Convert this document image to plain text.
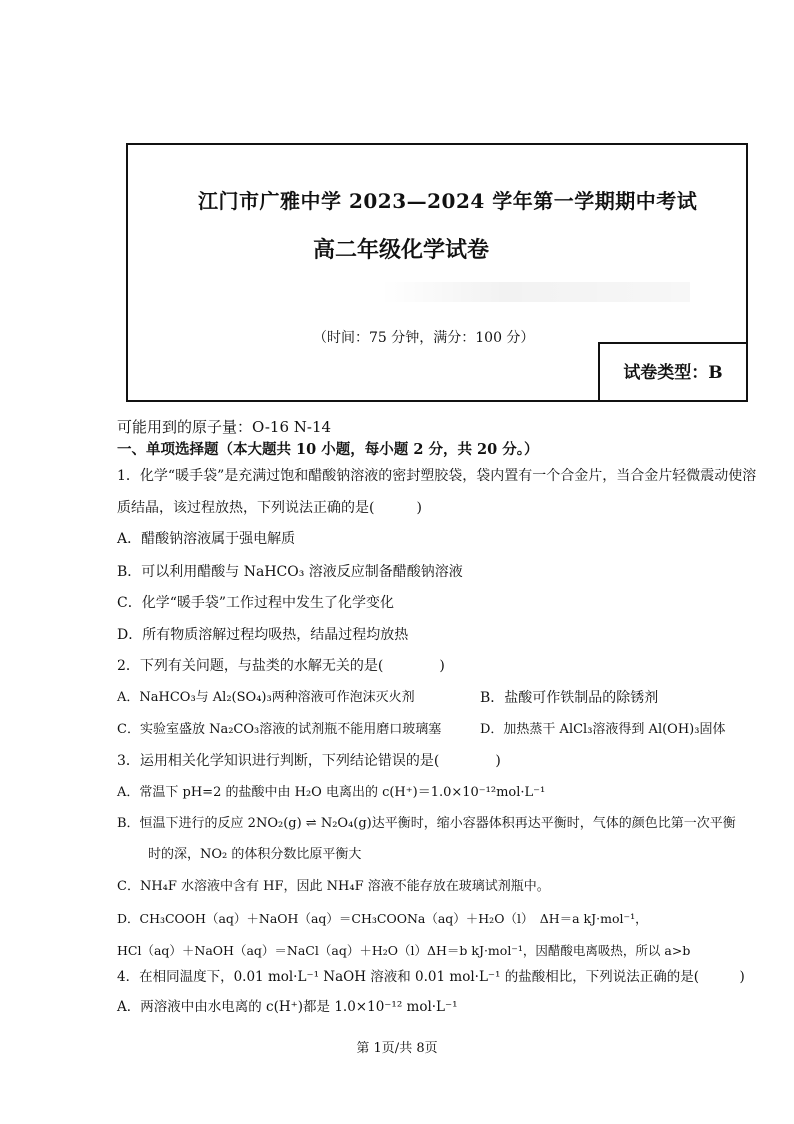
江门市广雅中学 2023—2024 学年第一学期期中考试
高二年级化学试卷
（时间：75 分钟，满分：100 分）
试卷类型：B
可能用到的原子量：O-16 N-14
一、单项选择题（本大题共 10 小题，每小题 2 分，共 20 分。）
1．化学“暖手袋”是充满过饱和醋酸钠溶液的密封塑胶袋，袋内置有一个合金片，当合金片轻微震动使溶
质结晶，该过程放热，下列说法正确的是(　　　)
A．醋酸钠溶液属于强电解质
B．可以利用醋酸与 NaHCO₃ 溶液反应制备醋酸钠溶液
C．化学“暖手袋”工作过程中发生了化学变化
D．所有物质溶解过程均吸热，结晶过程均放热
2．下列有关问题，与盐类的水解无关的是(　　　　)
A．NaHCO₃与 Al₂(SO₄)₃两种溶液可作泡沫灭火剂	B．盐酸可作铁制品的除锈剂
C．实验室盛放 Na₂CO₃溶液的试剂瓶不能用磨口玻璃塞	D．加热蒸干 AlCl₃溶液得到 Al(OH)₃固体
3．运用相关化学知识进行判断，下列结论错误的是(　　　　)
A．常温下 pH=2 的盐酸中由 H₂O 电离出的 c(H⁺)＝1.0×10⁻¹²mol·L⁻¹
B．恒温下进行的反应 2NO₂(g) ⇌ N₂O₄(g)达平衡时，缩小容器体积再达平衡时，气体的颜色比第一次平衡
时的深，NO₂ 的体积分数比原平衡大
C．NH₄F 水溶液中含有 HF，因此 NH₄F 溶液不能存放在玻璃试剂瓶中。
D．CH₃COOH（aq）＋NaOH（aq）＝CH₃COONa（aq）＋H₂O（l）　ΔH＝a kJ·mol⁻¹，
HCl（aq）＋NaOH（aq）＝NaCl（aq）＋H₂O（l）ΔH＝b kJ·mol⁻¹，因醋酸电离吸热，所以 a>b
4．在相同温度下，0.01 mol·L⁻¹ NaOH 溶液和 0.01 mol·L⁻¹ 的盐酸相比，下列说法正确的是(　　　)
A．两溶液中由水电离的 c(H⁺)都是 1.0×10⁻¹² mol·L⁻¹
第 1页/共 8页
